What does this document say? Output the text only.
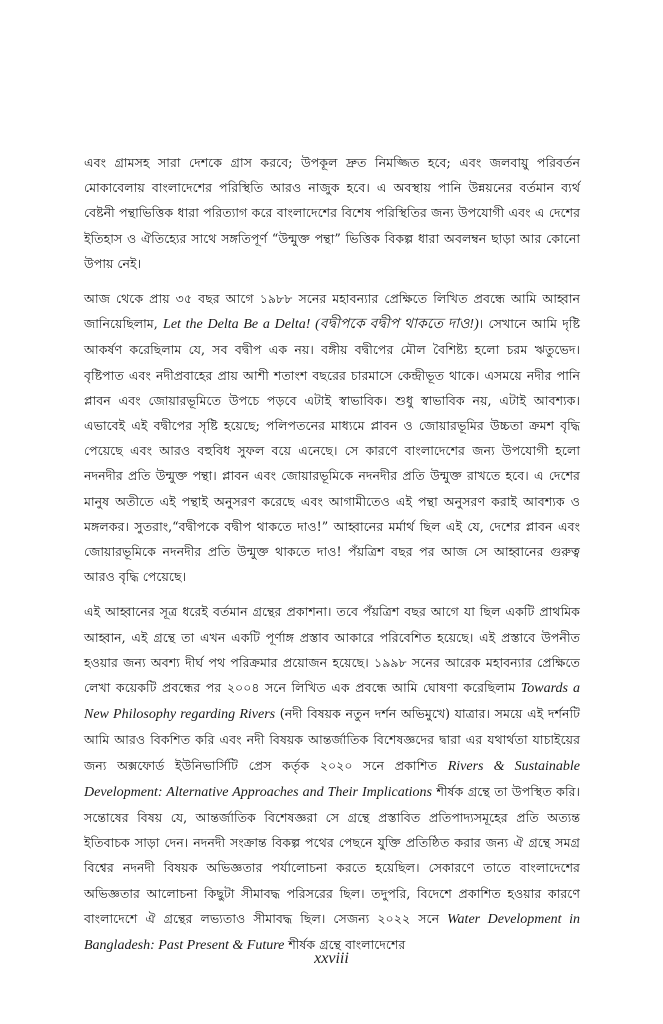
এবং গ্রামসহ সারা দেশকে গ্রাস করবে; উপকূল দ্রুত নিমজ্জিত হবে; এবং জলবায়ু পরিবর্তন মোকাবেলায় বাংলাদেশের পরিস্থিতি আরও নাজুক হবে। এ অবস্থায় পানি উন্নয়নের বর্তমান ব্যর্থ বেষ্টনী পন্থাভিত্তিক ধারা পরিত্যাগ করে বাংলাদেশের বিশেষ পরিস্থিতির জন্য উপযোগী এবং এ দেশের ইতিহাস ও ঐতিহ্যের সাথে সঙ্গতিপূর্ণ “উন্মুক্ত পন্থা” ভিত্তিক বিকল্প ধারা অবলম্বন ছাড়া আর কোনো উপায় নেই।

আজ থেকে প্রায় ৩৫ বছর আগে ১৯৮৮ সনের মহাবন্যার প্রেক্ষিতে লিখিত প্রবন্ধে আমি আহ্বান জানিয়েছিলাম, Let the Delta Be a Delta! (বদ্বীপকে বদ্বীপ থাকতে দাও!)। সেখানে আমি দৃষ্টি আকর্ষণ করেছিলাম যে, সব বদ্বীপ এক নয়। বঙ্গীয় বদ্বীপের মৌল বৈশিষ্ট্য হলো চরম ঋতুভেদ। বৃষ্টিপাত এবং নদীপ্রবাহের প্রায় আশী শতাংশ বছরের চারমাসে কেন্দ্রীভূত থাকে। এসময়ে নদীর পানি প্লাবন এবং জোয়ারভূমিতে উপচে পড়বে এটাই স্বাভাবিক। শুধু স্বাভাবিক নয়, এটাই আবশ্যক। এভাবেই এই বদ্বীপের সৃষ্টি হয়েছে; পলিপতনের মাধ্যমে প্লাবন ও জোয়ারভূমির উচ্চতা ক্রমশ বৃদ্ধি পেয়েছে এবং আরও বহুবিধ সুফল বয়ে এনেছে। সে কারণে বাংলাদেশের জন্য উপযোগী হলো নদনদীর প্রতি উন্মুক্ত পন্থা। প্লাবন এবং জোয়ারভূমিকে নদনদীর প্রতি উন্মুক্ত রাখতে হবে। এ দেশের মানুষ অতীতে এই পন্থাই অনুসরণ করেছে এবং আগামীতেও এই পন্থা অনুসরণ করাই আবশ্যক ও মঙ্গলকর। সুতরাং,“বদ্বীপকে বদ্বীপ থাকতে দাও!” আহ্বানের মর্মার্থ ছিল এই যে, দেশের প্লাবন এবং জোয়ারভূমিকে নদনদীর প্রতি উন্মুক্ত থাকতে দাও! পঁয়ত্রিশ বছর পর আজ সে আহ্বানের গুরুত্ব আরও বৃদ্ধি পেয়েছে।

এই আহ্বানের সূত্র ধরেই বর্তমান গ্রন্থের প্রকাশনা। তবে পঁয়ত্রিশ বছর আগে যা ছিল একটি প্রাথমিক আহ্বান, এই গ্রন্থে তা এখন একটি পূর্ণাঙ্গ প্রস্তাব আকারে পরিবেশিত হয়েছে। এই প্রস্তাবে উপনীত হওয়ার জন্য অবশ্য দীর্ঘ পথ পরিক্রমার প্রয়োজন হয়েছে। ১৯৯৮ সনের আরেক মহাবন্যার প্রেক্ষিতে লেখা কয়েকটি প্রবন্ধের পর ২০০৪ সনে লিখিত এক প্রবন্ধে আমি ঘোষণা করেছিলাম Towards a New Philosophy regarding Rivers (নদী বিষয়ক নতুন দর্শন অভিমুখে) যাত্রার। সময়ে এই দর্শনটি আমি আরও বিকশিত করি এবং নদী বিষয়ক আন্তর্জাতিক বিশেষজ্ঞদের দ্বারা এর যথার্থতা যাচাইয়ের জন্য অক্সফোর্ড ইউনিভার্সিটি প্রেস কর্তৃক ২০২০ সনে প্রকাশিত Rivers & Sustainable Development: Alternative Approaches and Their Implications শীর্ষক গ্রন্থে তা উপস্থিত করি। সন্তোষের বিষয় যে, আন্তর্জাতিক বিশেষজ্ঞরা সে গ্রন্থে প্রস্তাবিত প্রতিপাদ্যসমূহের প্রতি অত্যন্ত ইতিবাচক সাড়া দেন। নদনদী সংক্রান্ত বিকল্প পথের পেছনে যুক্তি প্রতিষ্ঠিত করার জন্য ঐ গ্রন্থে সমগ্র বিশ্বের নদনদী বিষয়ক অভিজ্ঞতার পর্যালোচনা করতে হয়েছিল। সেকারণে তাতে বাংলাদেশের অভিজ্ঞতার আলোচনা কিছুটা সীমাবদ্ধ পরিসরের ছিল। তদুপরি, বিদেশে প্রকাশিত হওয়ার কারণে বাংলাদেশে ঐ গ্রন্থের লভ্যতাও সীমাবদ্ধ ছিল। সেজন্য ২০২২ সনে Water Development in Bangladesh: Past Present & Future শীর্ষক গ্রন্থে বাংলাদেশের

xxviii
